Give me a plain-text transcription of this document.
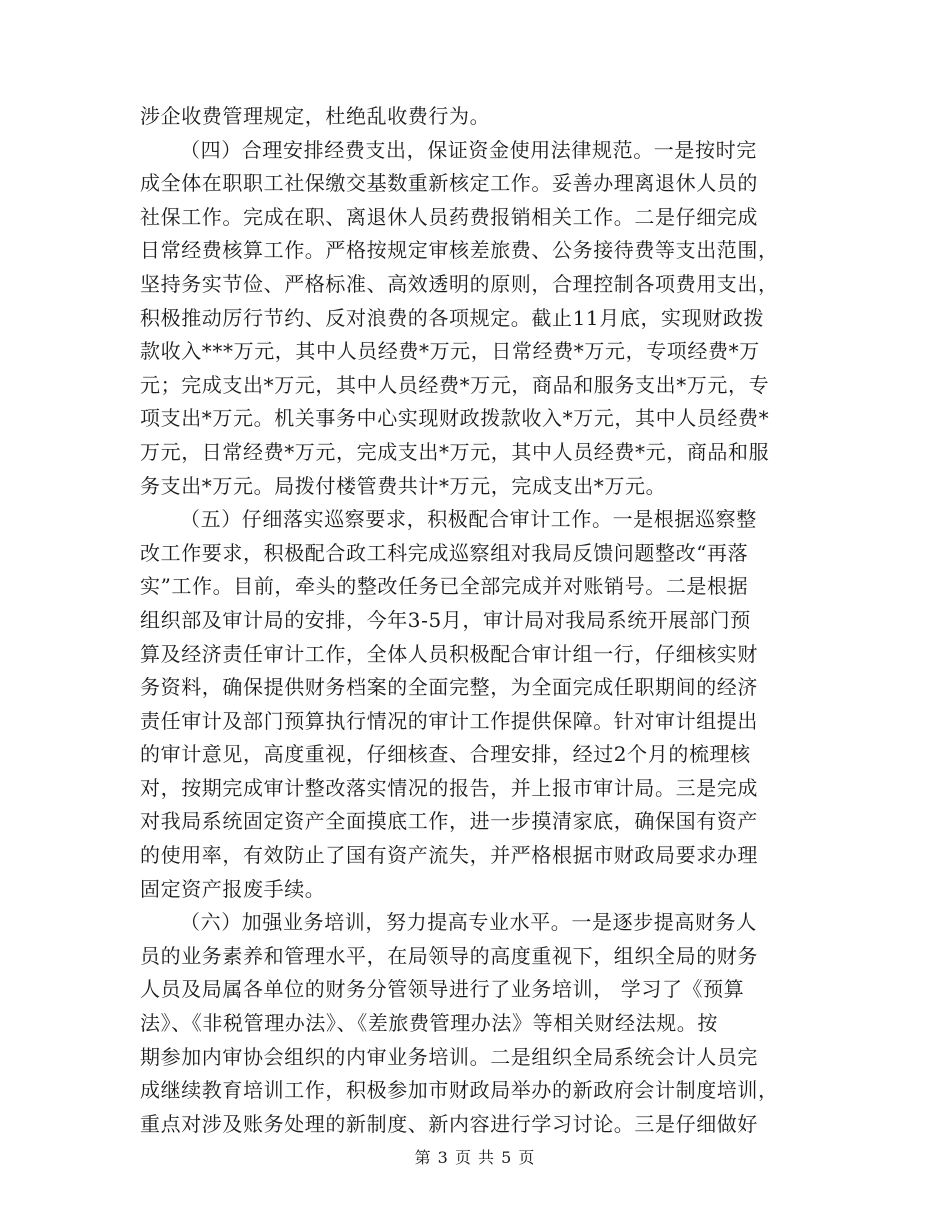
涉企收费管理规定，杜绝乱收费行为。
（四）合理安排经费支出，保证资金使用法律规范。一是按时完
成全体在职职工社保缴交基数重新核定工作。妥善办理离退休人员的
社保工作。完成在职、离退休人员药费报销相关工作。二是仔细完成
日常经费核算工作。严格按规定审核差旅费、公务接待费等支出范围，
坚持务实节俭、严格标准、高效透明的原则，合理控制各项费用支出，
积极推动厉行节约、反对浪费的各项规定。截止11月底，实现财政拨
款收入***万元，其中人员经费*万元，日常经费*万元，专项经费*万
元；完成支出*万元，其中人员经费*万元，商品和服务支出*万元，专
项支出*万元。机关事务中心实现财政拨款收入*万元，其中人员经费*
万元，日常经费*万元，完成支出*万元，其中人员经费*元，商品和服
务支出*万元。局拨付楼管费共计*万元，完成支出*万元。
（五）仔细落实巡察要求，积极配合审计工作。一是根据巡察整
改工作要求，积极配合政工科完成巡察组对我局反馈问题整改“再落
实”工作。目前，牵头的整改任务已全部完成并对账销号。二是根据
组织部及审计局的安排，今年3-5月，审计局对我局系统开展部门预
算及经济责任审计工作，全体人员积极配合审计组一行，仔细核实财
务资料，确保提供财务档案的全面完整，为全面完成任职期间的经济
责任审计及部门预算执行情况的审计工作提供保障。针对审计组提出
的审计意见，高度重视，仔细核查、合理安排，经过2个月的梳理核
对，按期完成审计整改落实情况的报告，并上报市审计局。三是完成
对我局系统固定资产全面摸底工作，进一步摸清家底，确保国有资产
的使用率，有效防止了国有资产流失，并严格根据市财政局要求办理
固定资产报废手续。
（六）加强业务培训，努力提高专业水平。一是逐步提高财务人
员的业务素养和管理水平，在局领导的高度重视下，组织全局的财务
人员及局属各单位的财务分管领导进行了业务培训， 学习了《预算
法》、《非税管理办法》、《差旅费管理办法》等相关财经法规。按
期参加内审协会组织的内审业务培训。二是组织全局系统会计人员完
成继续教育培训工作，积极参加市财政局举办的新政府会计制度培训，
重点对涉及账务处理的新制度、新内容进行学习讨论。三是仔细做好
第 3 页 共 5 页
